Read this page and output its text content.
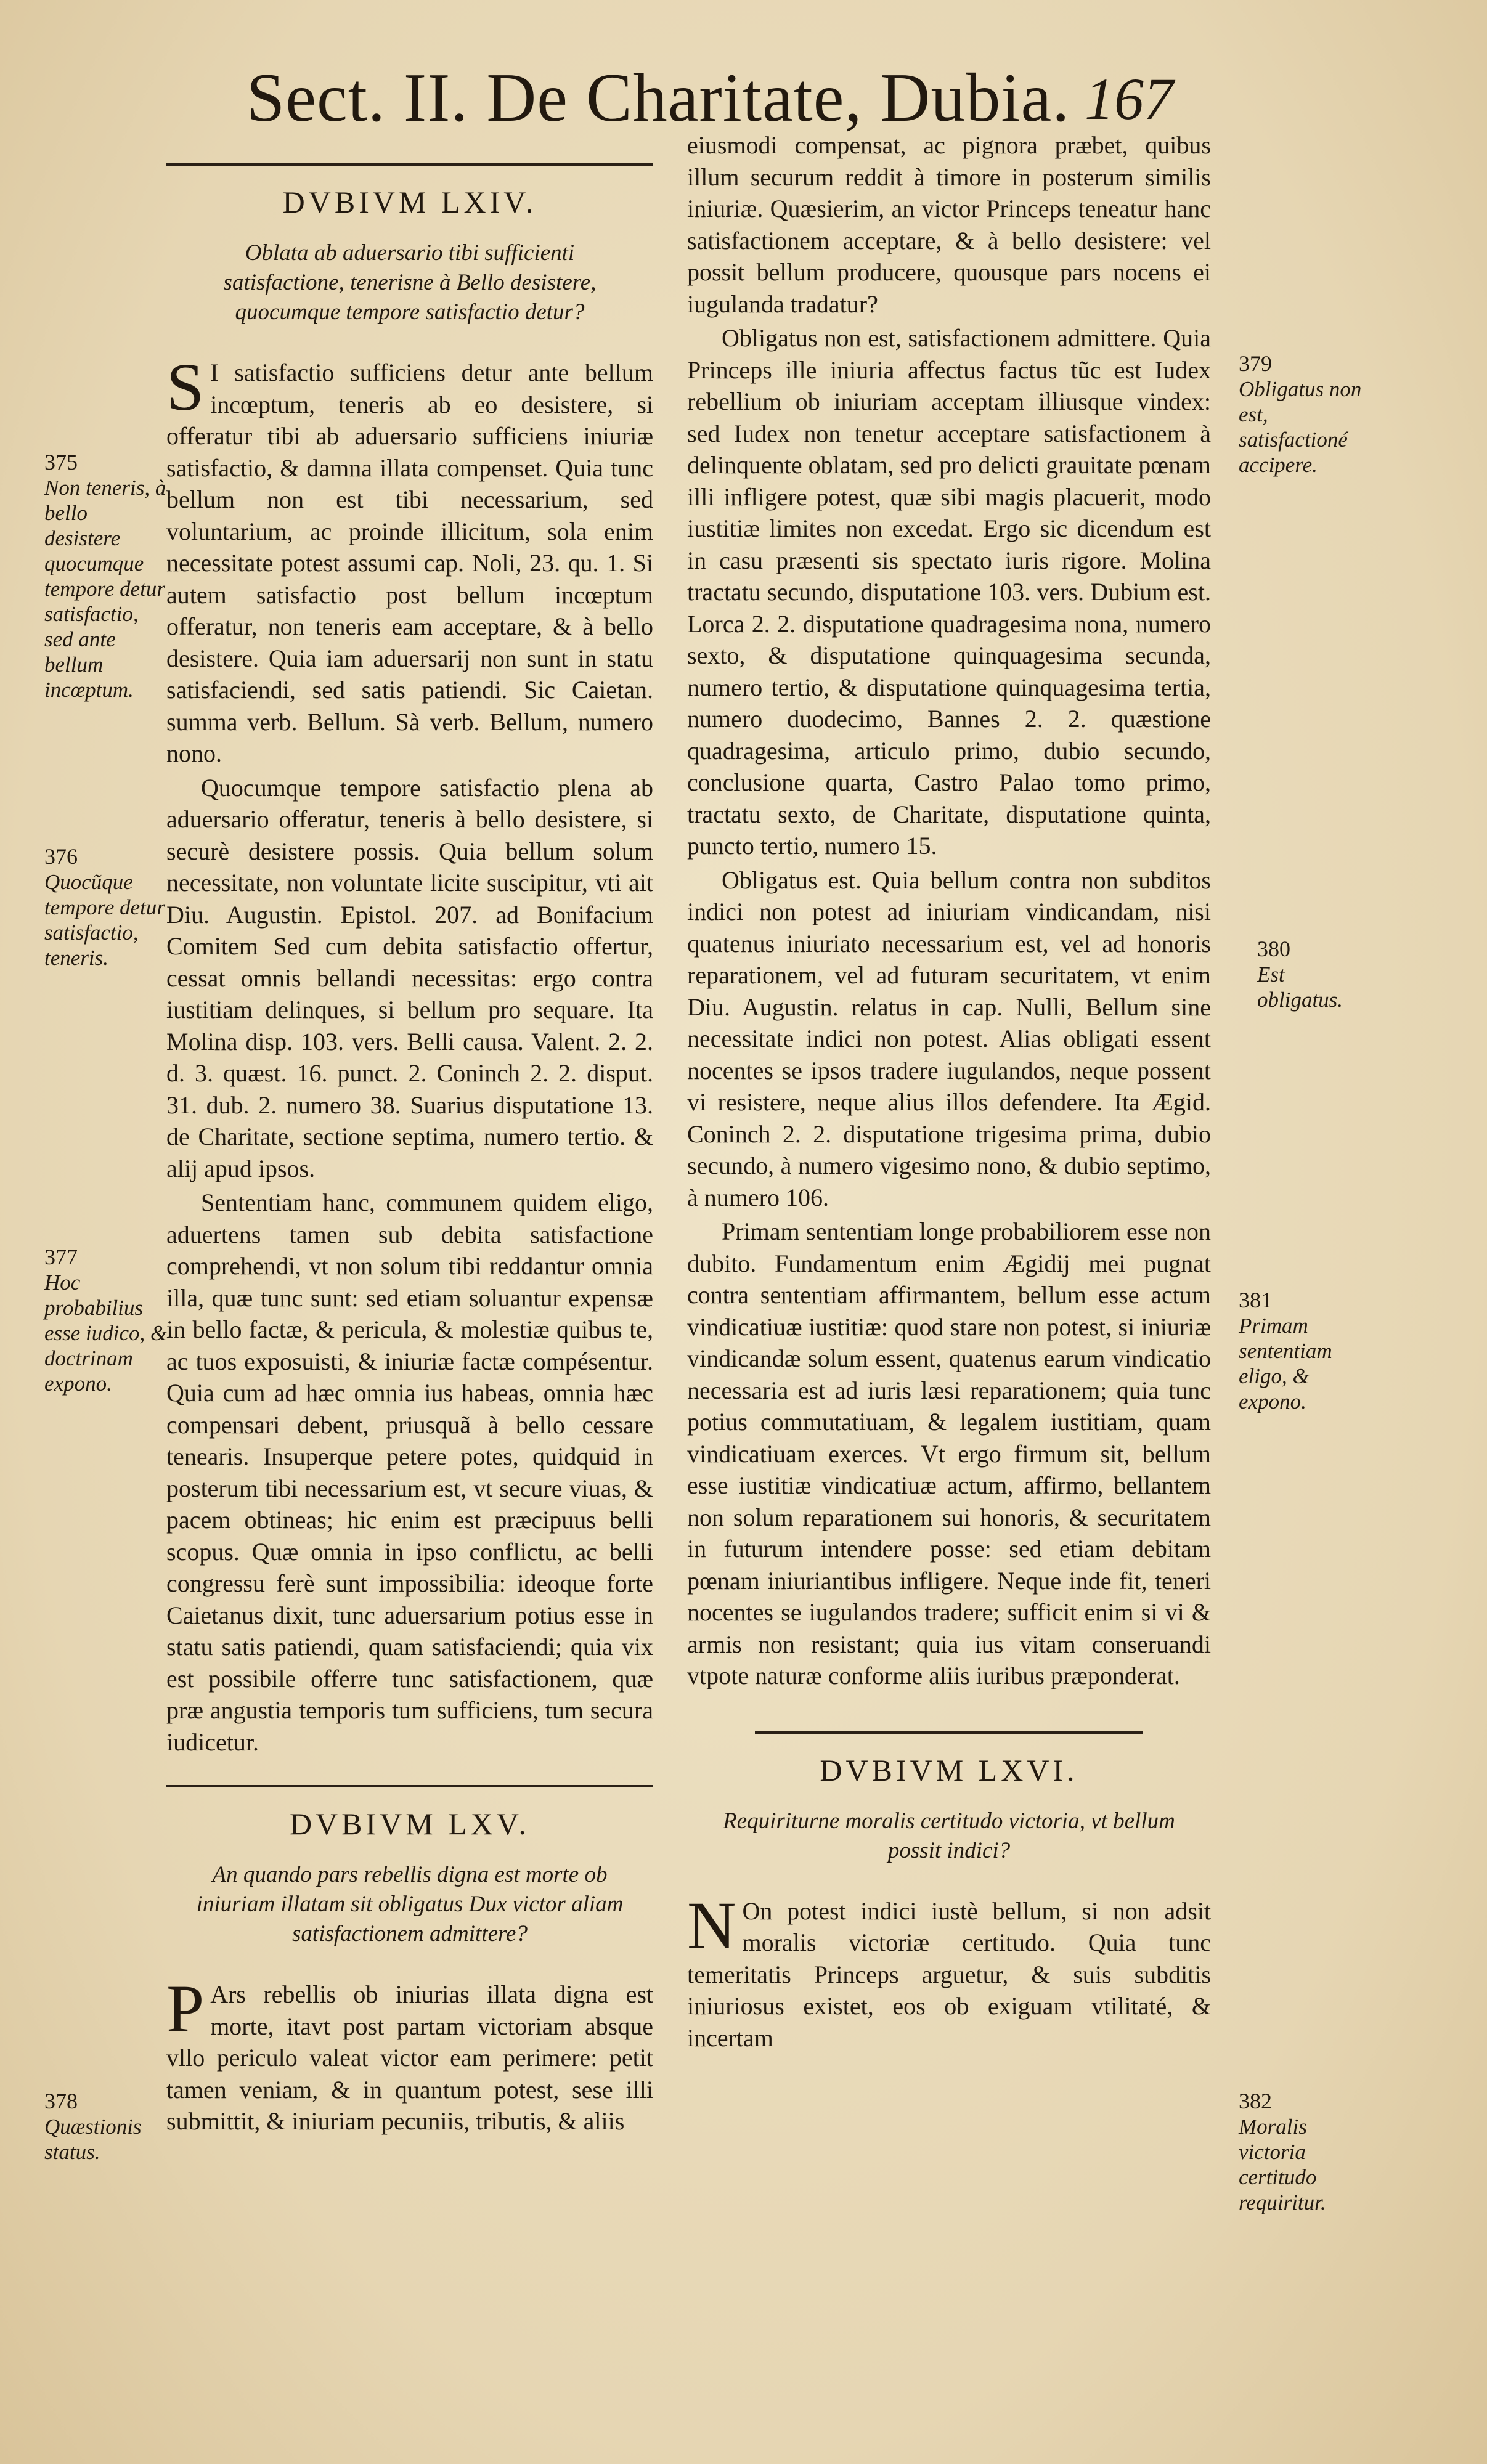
Sect. II. De Charitate, Dubia. 167
DVBIVM LXIV.
Oblata ab aduersario tibi sufficienti satisfactione, tenerisne à Bello desistere, quocumque tempore satisfactio detur?

SI satisfactio sufficiens detur ante bellum incœptum, teneris ab eo desistere, si offeratur tibi ab aduersario sufficiens iniuriæ satisfactio, & damna illata compenset. Quia tunc bellum non est tibi necessarium, sed voluntarium, ac proinde illicitum, sola enim necessitate potest assumi cap. Noli, 23. qu. 1. Si autem satisfactio post bellum incœptum offeratur, non teneris eam acceptare, & à bello desistere. Quia iam aduersarij non sunt in statu satisfaciendi, sed satis patiendi. Sic Caietan. summa verb. Bellum. Sà verb. Bellum, numero nono.

Quocumque tempore satisfactio plena ab aduersario offeratur, teneris à bello desistere, si securè desistere possis. Quia bellum solum necessitate, non voluntate licite suscipitur, vti ait Diu. Augustin. Epistol. 207. ad Bonifacium Comitem Sed cum debita satisfactio offertur, cessat omnis bellandi necessitas: ergo contra iustitiam delinques, si bellum pro sequare. Ita Molina disp. 103. vers. Belli causa. Valent. 2. 2. d. 3. quæst. 16. punct. 2. Coninch 2. 2. disput. 31. dub. 2. numero 38. Suarius disputatione 13. de Charitate, sectione septima, numero tertio. & alij apud ipsos.

Sententiam hanc, communem quidem eligo, aduertens tamen sub debita satisfactione comprehendi, vt non solum tibi reddantur omnia illa, quæ tunc sunt: sed etiam soluantur expensæ in bello factæ, & pericula, & molestiæ quibus te, ac tuos exposuisti, & iniuriæ factæ compésentur. Quia cum ad hæc omnia ius habeas, omnia hæc compensari debent, priusquã à bello cessare tenearis. Insuperque petere potes, quidquid in posterum tibi necessarium est, vt secure viuas, & pacem obtineas; hic enim est præcipuus belli scopus. Quæ omnia in ipso conflictu, ac belli congressu ferè sunt impossibilia: ideoque forte Caietanus dixit, tunc aduersarium potius esse in statu satis patiendi, quam satisfaciendi; quia vix est possibile offerre tunc satisfactionem, quæ præ angustia temporis tum sufficiens, tum secura iudicetur.

DVBIVM LXV.
An quando pars rebellis digna est morte ob iniuriam illatam sit obligatus Dux victor aliam satisfactionem admittere?

PArs rebellis ob iniurias illata digna est morte, itavt post partam victoriam absque vllo periculo valeat victor eam perimere: petit tamen veniam, & in quantum potest, sese illi submittit, & iniuriam pecuniis, tributis, & aliis

375
Non teneris, à bello desistere quocumque tempore detur satisfactio, sed ante bellum incœptum.
376
Quocũque tempore detur satisfactio, teneris.
377
Hoc probabilius esse iudico, & doctrinam expono.
378
Quæstionis status.

eiusmodi compensat, ac pignora præbet, quibus illum securum reddit à timore in posterum similis iniuriæ. Quæsierim, an victor Princeps teneatur hanc satisfactionem acceptare, & à bello desistere: vel possit bellum producere, quousque pars nocens ei iugulanda tradatur?

Obligatus non est, satisfactionem admittere. Quia Princeps ille iniuria affectus factus tũc est Iudex rebellium ob iniuriam acceptam illiusque vindex: sed Iudex non tenetur acceptare satisfactionem à delinquente oblatam, sed pro delicti grauitate pœnam illi infligere potest, quæ sibi magis placuerit, modo iustitiæ limites non excedat. Ergo sic dicendum est in casu præsenti sis spectato iuris rigore. Molina tractatu secundo, disputatione 103. vers. Dubium est. Lorca 2. 2. disputatione quadragesima nona, numero sexto, & disputatione quinquagesima secunda, numero tertio, & disputatione quinquagesima tertia, numero duodecimo, Bannes 2. 2. quæstione quadragesima, articulo primo, dubio secundo, conclusione quarta, Castro Palao tomo primo, tractatu sexto, de Charitate, disputatione quinta, puncto tertio, numero 15.

Obligatus est. Quia bellum contra non subditos indici non potest ad iniuriam vindicandam, nisi quatenus iniuriato necessarium est, vel ad honoris reparationem, vel ad futuram securitatem, vt enim Diu. Augustin. relatus in cap. Nulli, Bellum sine necessitate indici non potest. Alias obligati essent nocentes se ipsos tradere iugulandos, neque possent vi resistere, neque alius illos defendere. Ita Ægid. Coninch 2. 2. disputatione trigesima prima, dubio secundo, à numero vigesimo nono, & dubio septimo, à numero 106.

Primam sententiam longe probabiliorem esse non dubito. Fundamentum enim Ægidij mei pugnat contra sententiam affirmantem, bellum esse actum vindicatiuæ iustitiæ: quod stare non potest, si iniuriæ vindicandæ solum essent, quatenus earum vindicatio necessaria est ad iuris læsi reparationem; quia tunc potius commutatiuam, & legalem iustitiam, quam vindicatiuam exerces. Vt ergo firmum sit, bellum esse iustitiæ vindicatiuæ actum, affirmo, bellantem non solum reparationem sui honoris, & securitatem in futurum intendere posse: sed etiam debitam pœnam iniuriantibus infligere. Neque inde fit, teneri nocentes se iugulandos tradere; sufficit enim si vi & armis non resistant; quia ius vitam conseruandi vtpote naturæ conforme aliis iuribus præponderat.

DVBIVM LXVI.
Requiriturne moralis certitudo victoria, vt bellum possit indici?

NOn potest indici iustè bellum, si non adsit moralis victoriæ certitudo. Quia tunc temeritatis Princeps arguetur, & suis subditis iniuriosus existet, eos ob exiguam vtilitaté, & incertam

379
Obligatus non est, satisfactioné accipere.
380
Est obligatus.
381
Primam sententiam eligo, & expono.
382
Moralis victoria certitudo requiritur.
